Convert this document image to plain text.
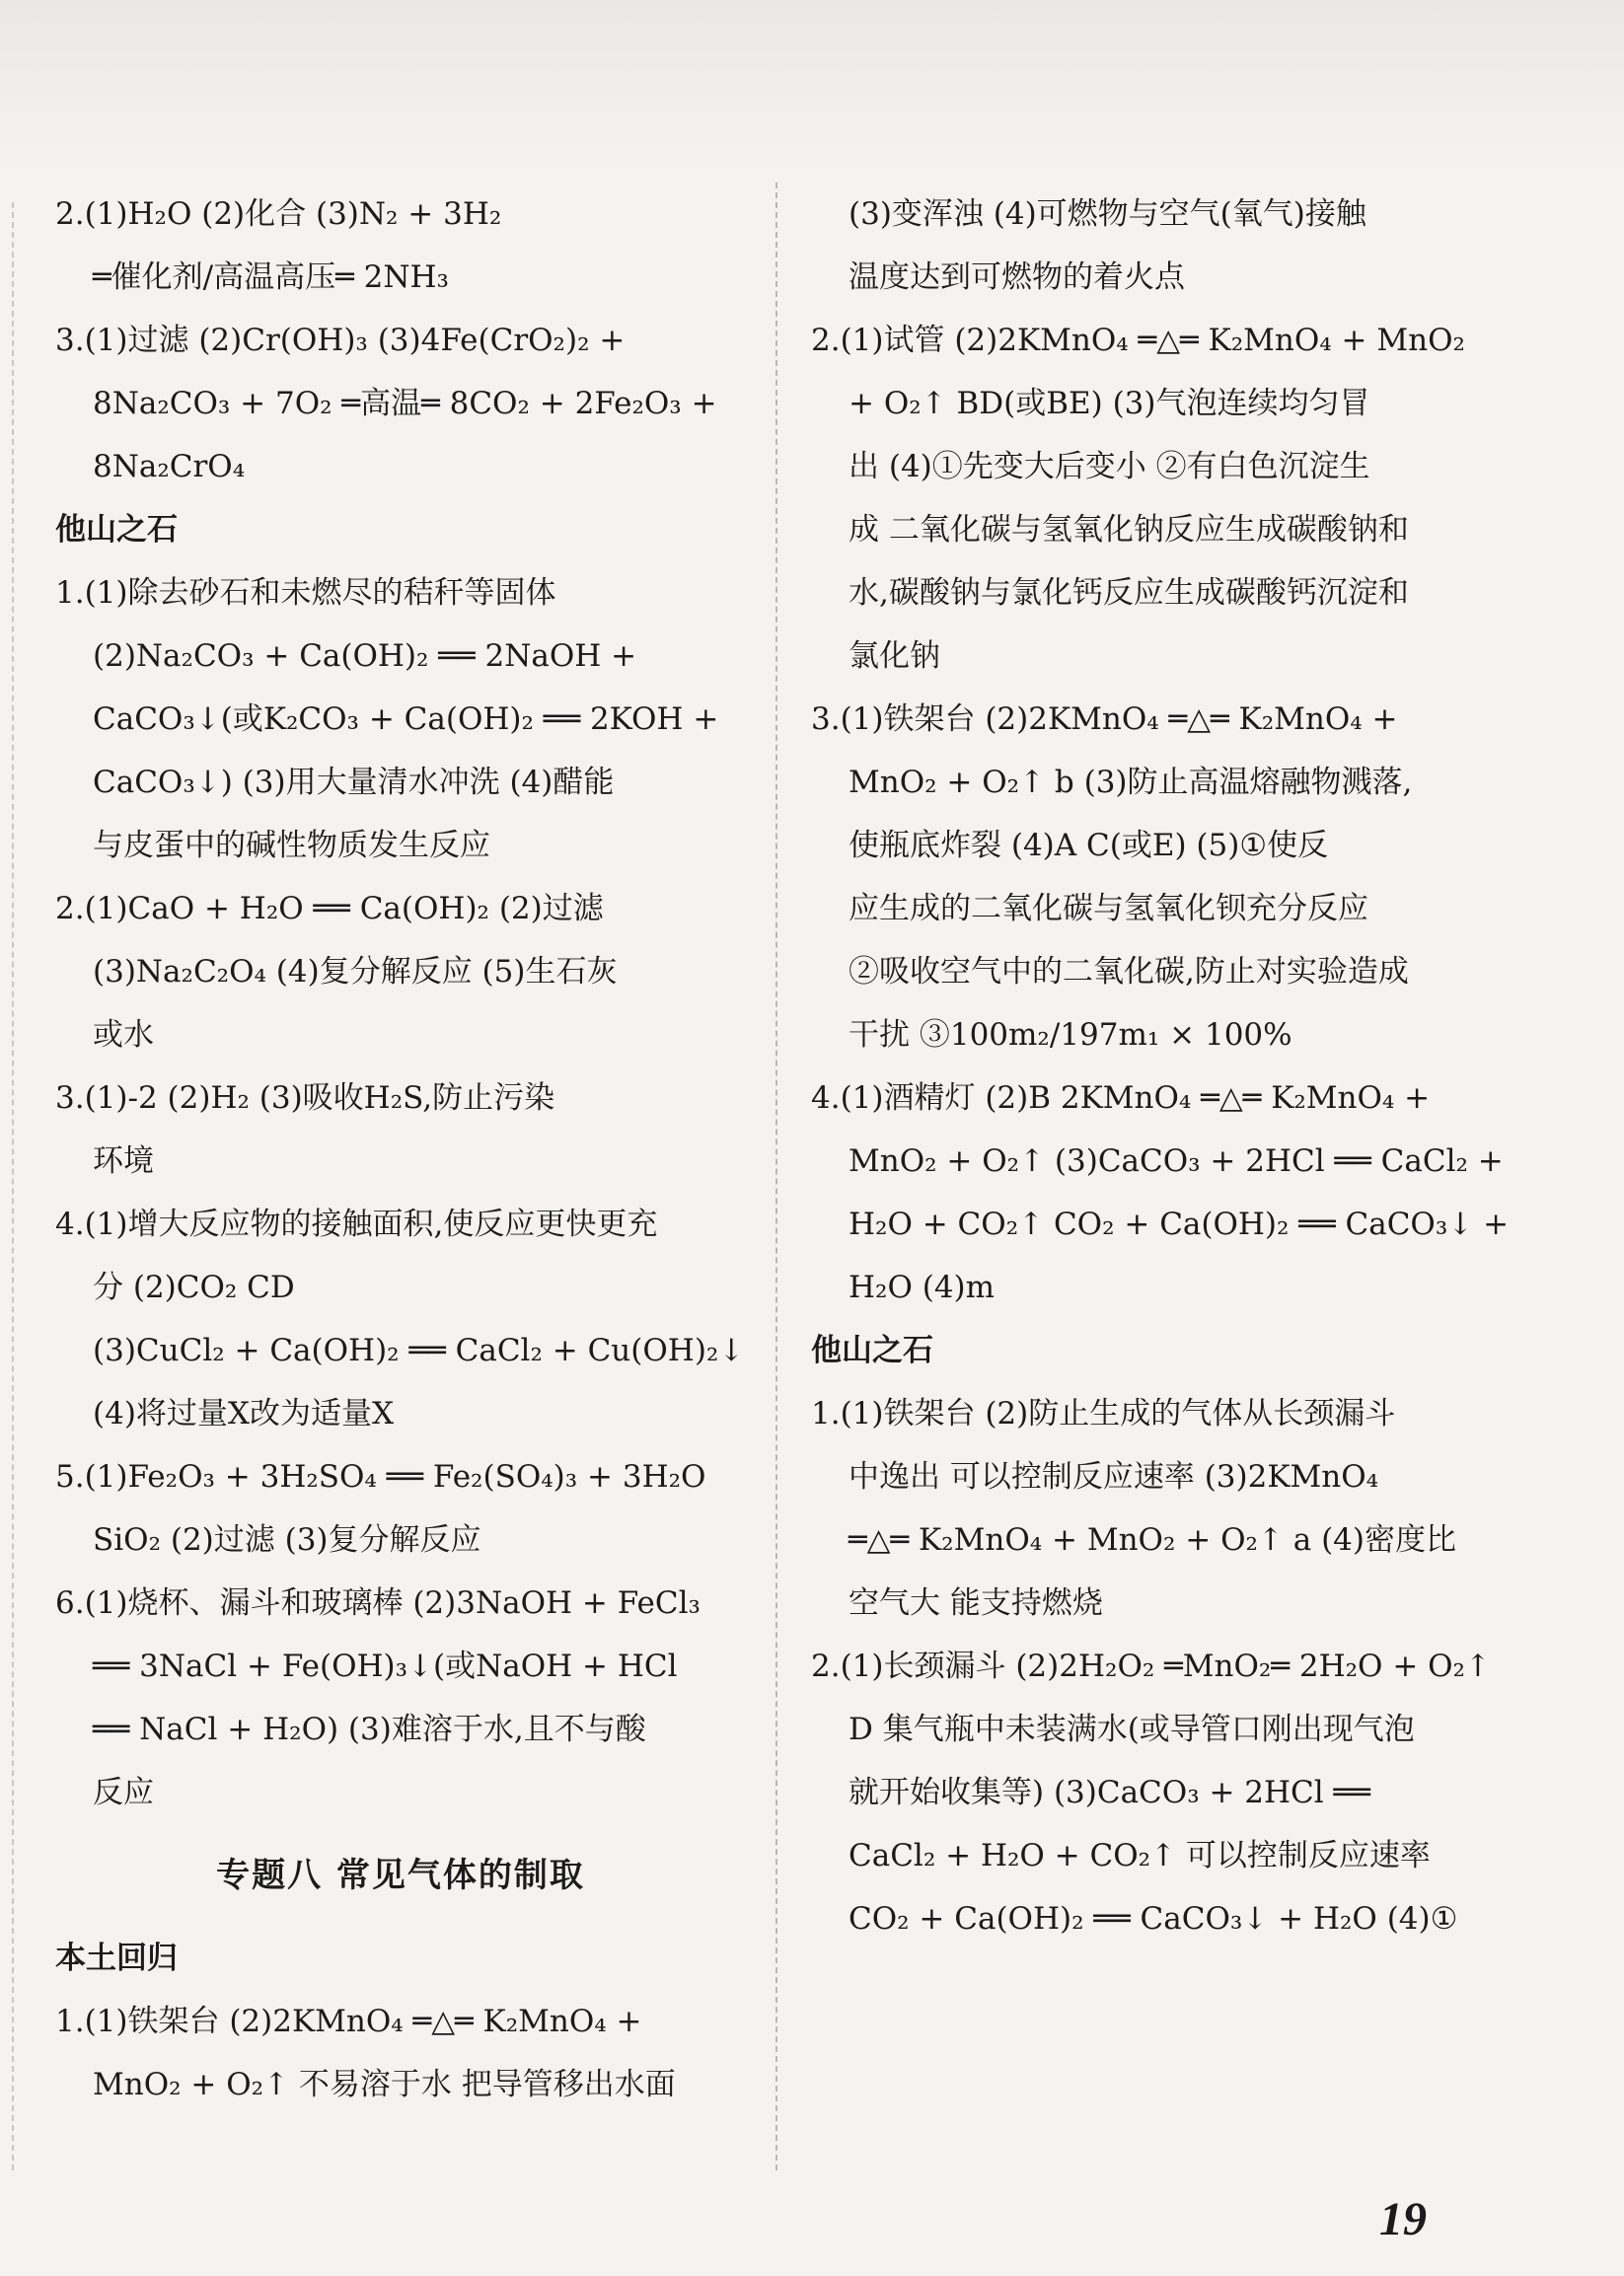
2.(1)H₂O (2)化合 (3)N₂ + 3H₂
═催化剂/高温高压═ 2NH₃
3.(1)过滤 (2)Cr(OH)₃ (3)4Fe(CrO₂)₂ +
8Na₂CO₃ + 7O₂ ═高温═ 8CO₂ + 2Fe₂O₃ +
8Na₂CrO₄
他山之石
1.(1)除去砂石和未燃尽的秸秆等固体
(2)Na₂CO₃ + Ca(OH)₂ ══ 2NaOH +
CaCO₃↓(或K₂CO₃ + Ca(OH)₂ ══ 2KOH +
CaCO₃↓) (3)用大量清水冲洗 (4)醋能
与皮蛋中的碱性物质发生反应
2.(1)CaO + H₂O ══ Ca(OH)₂ (2)过滤
(3)Na₂C₂O₄ (4)复分解反应 (5)生石灰
或水
3.(1)-2 (2)H₂ (3)吸收H₂S,防止污染
环境
4.(1)增大反应物的接触面积,使反应更快更充
分 (2)CO₂ CD
(3)CuCl₂ + Ca(OH)₂ ══ CaCl₂ + Cu(OH)₂↓
(4)将过量X改为适量X
5.(1)Fe₂O₃ + 3H₂SO₄ ══ Fe₂(SO₄)₃ + 3H₂O
SiO₂ (2)过滤 (3)复分解反应
6.(1)烧杯、漏斗和玻璃棒 (2)3NaOH + FeCl₃
══ 3NaCl + Fe(OH)₃↓(或NaOH + HCl
══ NaCl + H₂O) (3)难溶于水,且不与酸
反应
专题八 常见气体的制取
本土回归
1.(1)铁架台 (2)2KMnO₄ ═△═ K₂MnO₄ +
MnO₂ + O₂↑ 不易溶于水 把导管移出水面
(3)变浑浊 (4)可燃物与空气(氧气)接触
温度达到可燃物的着火点
2.(1)试管 (2)2KMnO₄ ═△═ K₂MnO₄ + MnO₂
+ O₂↑ BD(或BE) (3)气泡连续均匀冒
出 (4)①先变大后变小 ②有白色沉淀生
成 二氧化碳与氢氧化钠反应生成碳酸钠和
水,碳酸钠与氯化钙反应生成碳酸钙沉淀和
氯化钠
3.(1)铁架台 (2)2KMnO₄ ═△═ K₂MnO₄ +
MnO₂ + O₂↑ b (3)防止高温熔融物溅落,
使瓶底炸裂 (4)A C(或E) (5)①使反
应生成的二氧化碳与氢氧化钡充分反应
②吸收空气中的二氧化碳,防止对实验造成
干扰 ③100m₂/197m₁ × 100%
4.(1)酒精灯 (2)B 2KMnO₄ ═△═ K₂MnO₄ +
MnO₂ + O₂↑ (3)CaCO₃ + 2HCl ══ CaCl₂ +
H₂O + CO₂↑ CO₂ + Ca(OH)₂ ══ CaCO₃↓ +
H₂O (4)m
他山之石
1.(1)铁架台 (2)防止生成的气体从长颈漏斗
中逸出 可以控制反应速率 (3)2KMnO₄
═△═ K₂MnO₄ + MnO₂ + O₂↑ a (4)密度比
空气大 能支持燃烧
2.(1)长颈漏斗 (2)2H₂O₂ ═MnO₂═ 2H₂O + O₂↑
D 集气瓶中未装满水(或导管口刚出现气泡
就开始收集等) (3)CaCO₃ + 2HCl ══
CaCl₂ + H₂O + CO₂↑ 可以控制反应速率
CO₂ + Ca(OH)₂ ══ CaCO₃↓ + H₂O (4)①
19
